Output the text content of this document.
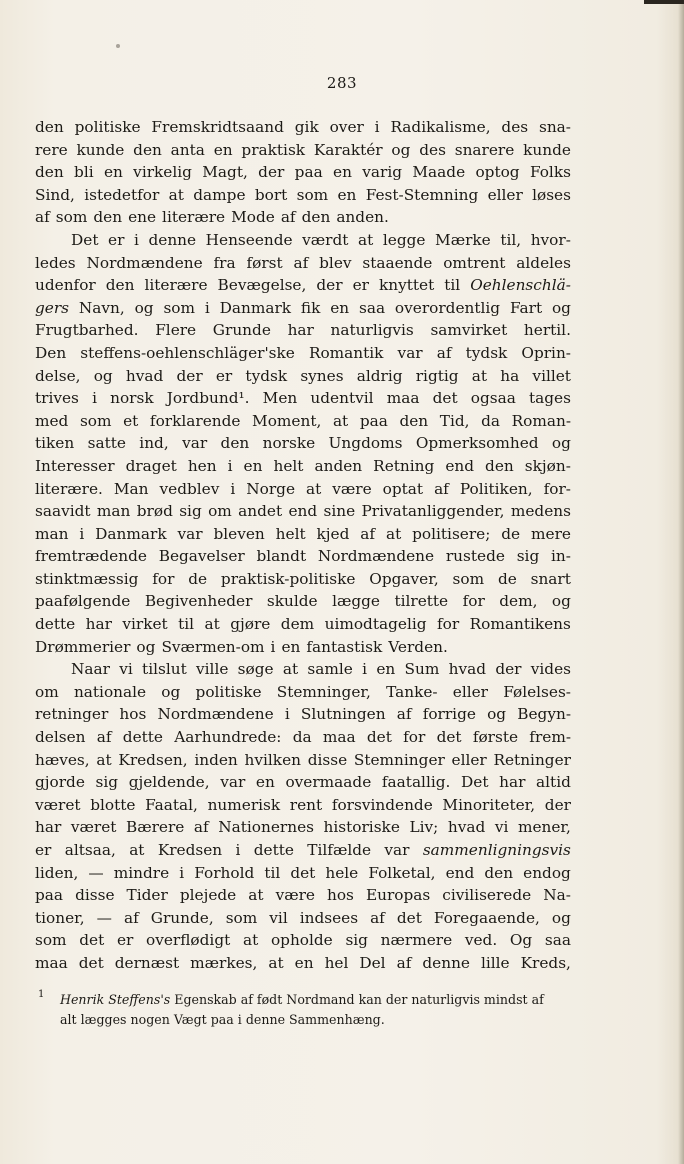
283
den politiske Fremskridtsaand gik over i Radikalisme, des sna-
rere kunde den anta en praktisk Karaktér og des snarere kunde
den bli en virkelig Magt, der paa en varig Maade optog Folks
Sind, istedetfor at dampe bort som en Fest-Stemning eller løses
af som den ene literære Mode af den anden.
Det er i denne Henseende værdt at legge Mærke til, hvor-
ledes Nordmændene fra først af blev staaende omtrent aldeles
udenfor den literære Bevægelse, der er knyttet til Oehlenschlä-
gers Navn, og som i Danmark fik en saa overordentlig Fart og
Frugtbarhed. Flere Grunde har naturligvis samvirket hertil.
Den steffens-oehlenschläger'ske Romantik var af tydsk Oprin-
delse, og hvad der er tydsk synes aldrig rigtig at ha villet
trives i norsk Jordbund¹. Men udentvil maa det ogsaa tages
med som et forklarende Moment, at paa den Tid, da Roman-
tiken satte ind, var den norske Ungdoms Opmerksomhed og
Interesser draget hen i en helt anden Retning end den skjøn-
literære. Man vedblev i Norge at være optat af Politiken, for-
saavidt man brød sig om andet end sine Privatanliggender, medens
man i Danmark var bleven helt kjed af at politisere; de mere
fremtrædende Begavelser blandt Nordmændene rustede sig in-
stinktmæssig for de praktisk-politiske Opgaver, som de snart
paafølgende Begivenheder skulde lægge tilrette for dem, og
dette har virket til at gjøre dem uimodtagelig for Romantikens
Drømmerier og Sværmen-om i en fantastisk Verden.
Naar vi tilslut ville søge at samle i en Sum hvad der vides
om nationale og politiske Stemninger, Tanke- eller Følelses-
retninger hos Nordmændene i Slutningen af forrige og Begyn-
delsen af dette Aarhundrede: da maa det for det første frem-
hæves, at Kredsen, inden hvilken disse Stemninger eller Retninger
gjorde sig gjeldende, var en overmaade faatallig. Det har altid
været blotte Faatal, numerisk rent forsvindende Minoriteter, der
har været Bærere af Nationernes historiske Liv; hvad vi mener,
er altsaa, at Kredsen i dette Tilfælde var sammenligningsvis
liden, — mindre i Forhold til det hele Folketal, end den endog
paa disse Tider plejede at være hos Europas civiliserede Na-
tioner, — af Grunde, som vil indsees af det Foregaaende, og
som det er overflødigt at opholde sig nærmere ved. Og saa
maa det dernæst mærkes, at en hel Del af denne lille Kreds,
1	Henrik Steffens's
Egenskab af født Nordmand kan der naturligvis mindst af
alt lægges nogen Vægt paa i denne Sammenhæng.
